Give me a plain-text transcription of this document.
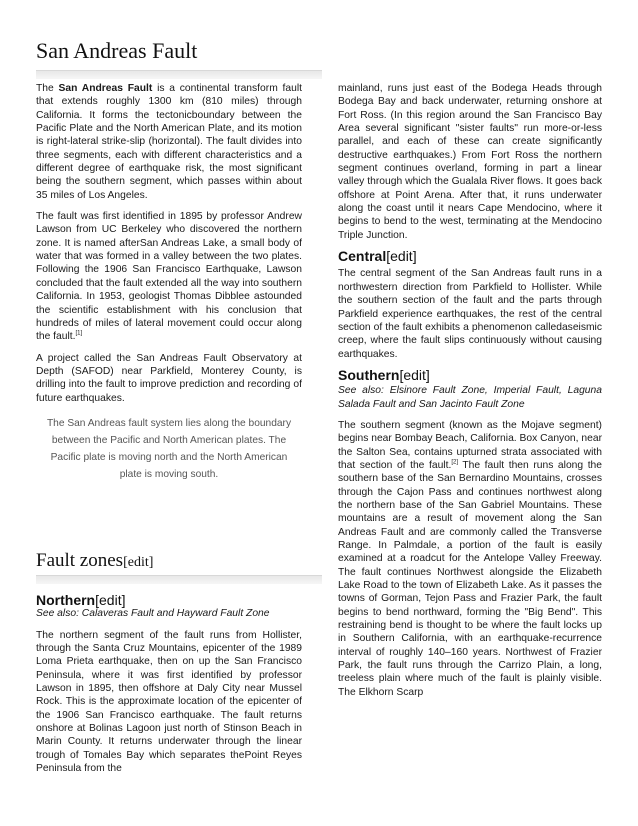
San Andreas Fault

The San Andreas Fault is a continental transform fault that extends roughly 1300 km (810 miles) through California. It forms the tectonicboundary between the Pacific Plate and the North American Plate, and its motion is right-lateral strike-slip (horizontal). The fault divides into three segments, each with different characteristics and a different degree of earthquake risk, the most significant being the southern segment, which passes within about 35 miles of Los Angeles.

The fault was first identified in 1895 by professor Andrew Lawson from UC Berkeley who discovered the northern zone. It is named afterSan Andreas Lake, a small body of water that was formed in a valley between the two plates. Following the 1906 San Francisco Earthquake, Lawson concluded that the fault extended all the way into southern California. In 1953, geologist Thomas Dibblee astounded the scientific establishment with his conclusion that hundreds of miles of lateral movement could occur along the fault.[1]

A project called the San Andreas Fault Observatory at Depth (SAFOD) near Parkfield, Monterey County, is drilling into the fault to improve prediction and recording of future earthquakes.

The San Andreas fault system lies along the boundary between the Pacific and North American plates. The Pacific plate is moving north and the North American plate is moving south.
Fault zones[edit]
Northern[edit]

See also: Calaveras Fault and Hayward Fault Zone

The northern segment of the fault runs from Hollister, through the Santa Cruz Mountains, epicenter of the 1989 Loma Prieta earthquake, then on up the San Francisco Peninsula, where it was first identified by professor Lawson in 1895, then offshore at Daly City near Mussel Rock. This is the approximate location of the epicenter of the 1906 San Francisco earthquake. The fault returns onshore at Bolinas Lagoon just north of Stinson Beach in Marin County. It returns underwater through the linear trough of Tomales Bay which separates thePoint Reyes Peninsula from the

mainland, runs just east of the Bodega Heads through Bodega Bay and back underwater, returning onshore at Fort Ross. (In this region around the San Francisco Bay Area several significant "sister faults" run more-or-less parallel, and each of these can create significantly destructive earthquakes.) From Fort Ross the northern segment continues overland, forming in part a linear valley through which the Gualala River flows. It goes back offshore at Point Arena. After that, it runs underwater along the coast until it nears Cape Mendocino, where it begins to bend to the west, terminating at the Mendocino Triple Junction.

Central[edit]

The central segment of the San Andreas fault runs in a northwestern direction from Parkfield to Hollister. While the southern section of the fault and the parts through Parkfield experience earthquakes, the rest of the central section of the fault exhibits a phenomenon calledaseismic creep, where the fault slips continuously without causing earthquakes.

Southern[edit]

See also: Elsinore Fault Zone, Imperial Fault, Laguna Salada Fault and San Jacinto Fault Zone

The southern segment (known as the Mojave segment) begins near Bombay Beach, California. Box Canyon, near the Salton Sea, contains upturned strata associated with that section of the fault.[2] The fault then runs along the southern base of the San Bernardino Mountains, crosses through the Cajon Pass and continues northwest along the northern base of the San Gabriel Mountains. These mountains are a result of movement along the San Andreas Fault and are commonly called the Transverse Range. In Palmdale, a portion of the fault is easily examined at a roadcut for the Antelope Valley Freeway. The fault continues Northwest alongside the Elizabeth Lake Road to the town of Elizabeth Lake. As it passes the towns of Gorman, Tejon Pass and Frazier Park, the fault begins to bend northward, forming the "Big Bend". This restraining bend is thought to be where the fault locks up in Southern California, with an earthquake-recurrence interval of roughly 140–160 years. Northwest of Frazier Park, the fault runs through the Carrizo Plain, a long, treeless plain where much of the fault is plainly visible. The Elkhorn Scarp
